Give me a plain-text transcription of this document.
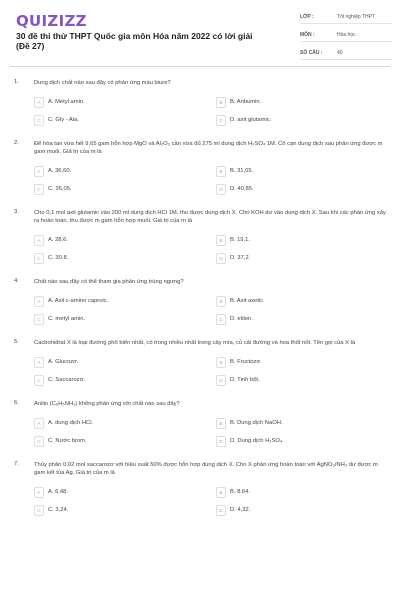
QUIZIZZ
30 đề thi thử THPT Quốc gia môn Hóa năm 2022 có lời giải (Đề 27)
LỚP :	Tốt nghiệp THPT
MÔN :	Hóa học
SỐ CÂU :	40
1.	Dung dịch chất nào sau đây có phản ứng màu biure?
A	A. Metyl amin.	B	B. Anbumin.
C	C. Gly - Ala.	D	D. axit glutamic.
2.	Để hòa tan vừa hết 9,65 gam hỗn hợp MgO và Al₂O₃ cần vừa đủ 275 ml dung dịch H₂SO₄ 1M. Cô cạn dung dịch sau phản ứng được m gam muối. Giá trị của m là
A	A. 36,60.	B	B. 31,65.
C	C. 36,05.	D	D. 40,85.
3.	Cho 0,1 mol axit glutamic vào 200 ml dung dịch HCl 1M, thu được dung dịch X. Cho KOH dư vào dung dịch X. Sau khi các phản ứng xảy ra hoàn toàn, thu được m gam hỗn hợp muối. Giá trị của m là
A	A. 28,6.	B	B. 19,1.
C	C. 30,8.	D	D. 37,2.
4.	Chất nào sau đây có thể tham gia phản ứng trùng ngưng?
A	A. Axit ε-amino caproic.	B	B. Axit axetic.
C	C. metyl amin.	D	D. etilen.
5.	Cacbohiđrat X là loại đường phổ biến nhất, có trong nhiều nhất trong cây mía, củ cải đường và hoa thốt nốt. Tên gọi của X là
A	A. Glucozơ.	B	B. Fructozơ.
C	C. Saccarozơ.	D	D. Tinh bột.
6.	Anilin (C₆H₅NH₂) không phản ứng với chất nào sau đây?
A	A. dung dịch HCl.	B	B. Dung dịch NaOH.
C	C. Nước brom.	D	D. Dung dịch H₂SO₄.
7.	Thủy phân 0,02 mol saccarozơ với hiệu suất 50% được hỗn hợp dung dịch X. Cho X phản ứng hoàn toàn với AgNO₃/NH₃ dư được m gam kết tủa Ag. Giá trị của m là
A	A. 6,48.	B	B. 8,64.
C	C. 3,24.	D	D. 4,32.
